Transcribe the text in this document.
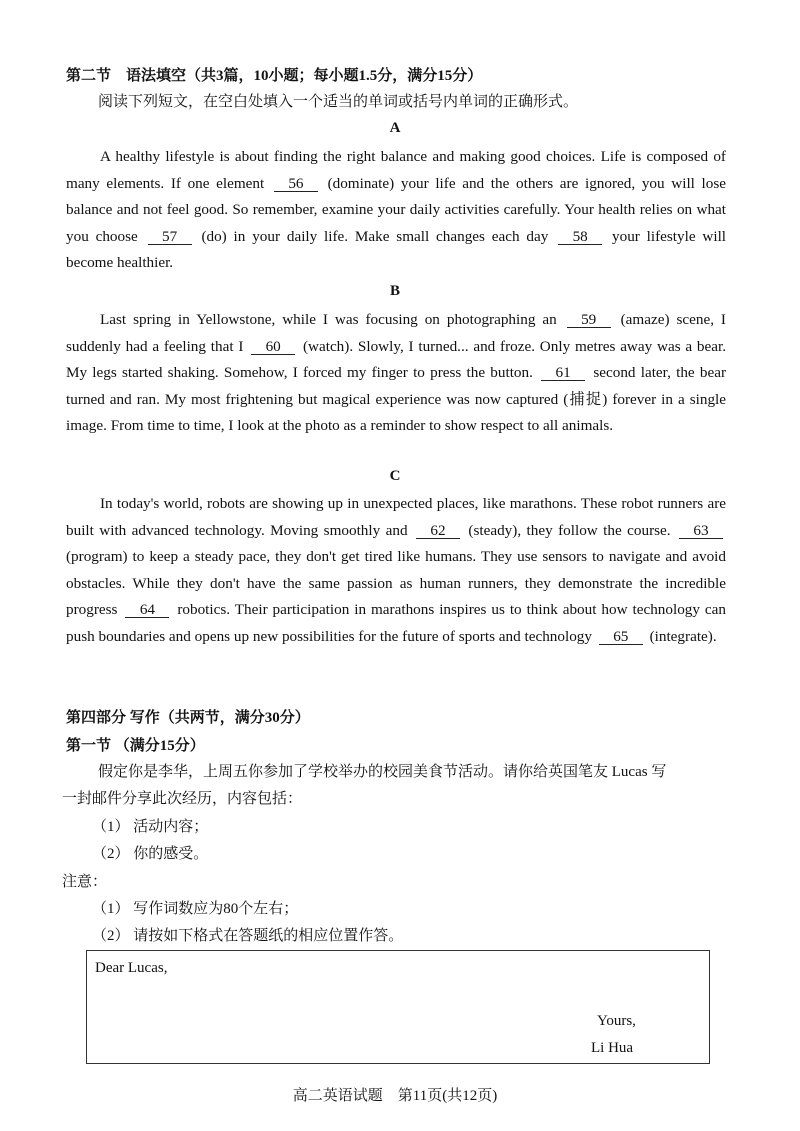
第二节　语法填空（共3篇，10小题；每小题1.5分，满分15分）
阅读下列短文，在空白处填入一个适当的单词或括号内单词的正确形式。
A
A healthy lifestyle is about finding the right balance and making good choices. Life is composed of many elements. If one element 56 (dominate) your life and the others are ignored, you will lose balance and not feel good. So remember, examine your daily activities carefully. Your health relies on what you choose 57 (do) in your daily life. Make small changes each day 58 your lifestyle will become healthier.
B
Last spring in Yellowstone, while I was focusing on photographing an 59 (amaze) scene, I suddenly had a feeling that I 60 (watch). Slowly, I turned... and froze. Only metres away was a bear. My legs started shaking. Somehow, I forced my finger to press the button. 61 second later, the bear turned and ran. My most frightening but magical experience was now captured (捕捉) forever in a single image. From time to time, I look at the photo as a reminder to show respect to all animals.
C
In today's world, robots are showing up in unexpected places, like marathons. These robot runners are built with advanced technology. Moving smoothly and 62 (steady), they follow the course. 63 (program) to keep a steady pace, they don't get tired like humans. They use sensors to navigate and avoid obstacles. While they don't have the same passion as human runners, they demonstrate the incredible progress 64 robotics. Their participation in marathons inspires us to think about how technology can push boundaries and opens up new possibilities for the future of sports and technology 65 (integrate).
第四部分 写作（共两节，满分30分）
第一节 （满分15分）
假定你是李华，上周五你参加了学校举办的校园美食节活动。请你给英国笔友 Lucas 写
一封邮件分享此次经历，内容包括：
（1） 活动内容；
（2） 你的感受。
注意：
（1） 写作词数应为80个左右；
（2） 请按如下格式在答题纸的相应位置作答。
Dear Lucas,
Yours,
Li Hua
高二英语试题　第11页(共12页)
